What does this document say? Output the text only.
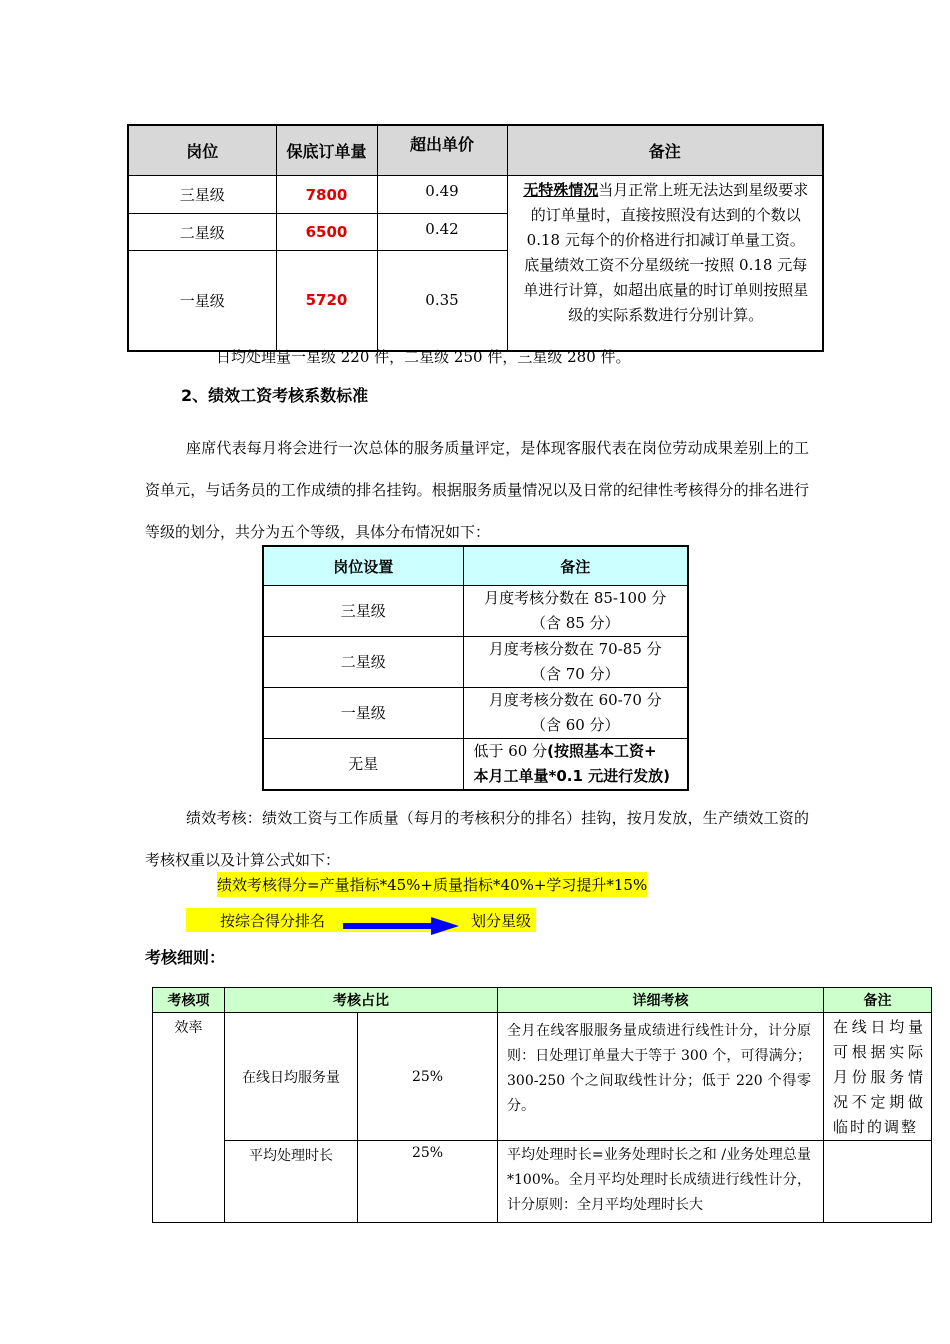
岗位	保底订单量	超出单价	备注
三星级	7800	0.49	无特殊情况当月正常上班无法达到星级要求的订单量时，直接按照没有达到的个数以 0.18 元每个的价格进行扣减订单量工资。底量绩效工资不分星级统一按照 0.18 元每单进行计算，如超出底量的时订单则按照星级的实际系数进行分别计算。
二星级	6500	0.42	
一星级	5720	0.35	
日均处理量一星级 220 件，二星级 250 件，三星级 280 件。
2、绩效工资考核系数标准
座席代表每月将会进行一次总体的服务质量评定，是体现客服代表在岗位劳动成果差别上的工资单元，与话务员的工作成绩的排名挂钩。根据服务质量情况以及日常的纪律性考核得分的排名进行等级的划分，共分为五个等级，具体分布情况如下：
岗位设置	备注
三星级	月度考核分数在 85-100 分
（含 85 分）
二星级	月度考核分数在 70-85 分
（含 70 分）
一星级	月度考核分数在 60-70 分
（含 60 分）
无星	低于 60 分(按照基本工资+
本月工单量*0.1 元进行发放)
绩效考核：绩效工资与工作质量（每月的考核积分的排名）挂钩，按月发放，生产绩效工资的考核权重以及计算公式如下：
绩效考核得分=产量指标*45%+质量指标*40%+学习提升*15%
按综合得分排名	划分星级
考核细则：
考核项	考核占比		详细考核	备注
效率	在线日均服务量	25%	全月在线客服服务量成绩进行线性计分，计分原则：日处理订单量大于等于 300 个，可得满分；300-250 个之间取线性计分；低于 220 个得零分。	在线日均量可根据实际月份服务情况不定期做临时的调整
	平均处理时长	25%	平均处理时长=业务处理时长之和 /业务处理总量*100%。全月平均处理时长成绩进行线性计分，计分原则：全月平均处理时长大	
